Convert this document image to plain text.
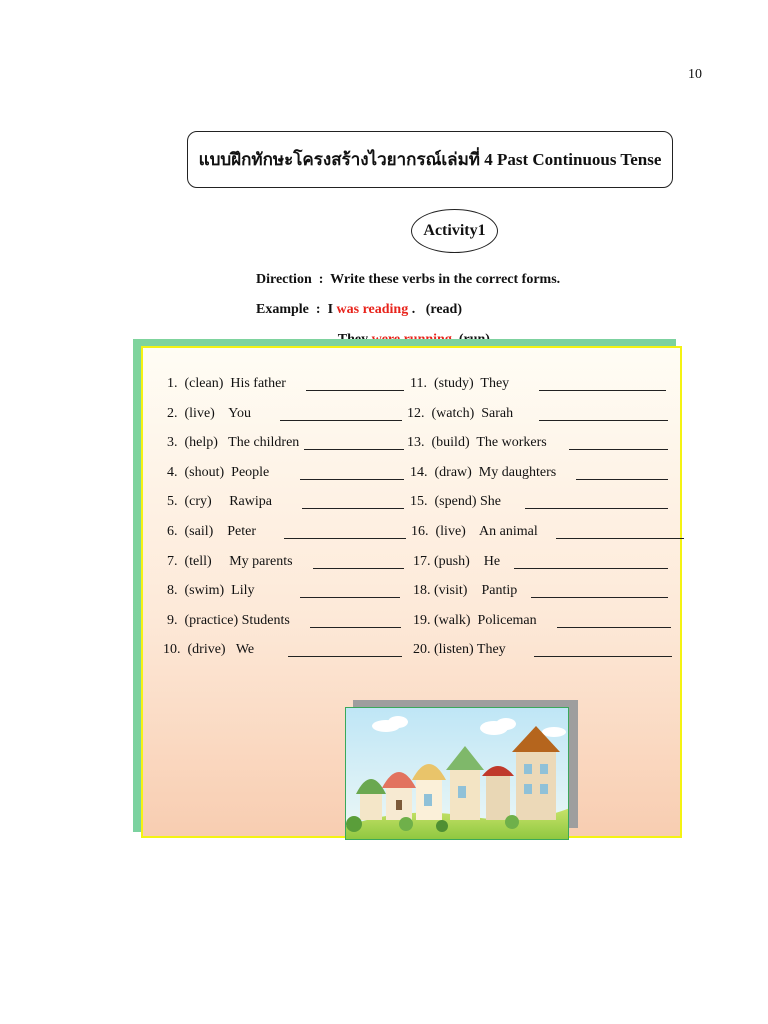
10
แบบฝึกทักษะโครงสร้างไวยากรณ์เล่มที่ 4 Past Continuous Tense
Activity1

Direction  : Write these verbs in the correct forms.

Example  : I was reading .   (read)

1.  (clean)  His father
2.  (live)    You
3.  (help)   The children
4.  (shout)  People
5.  (cry)     Rawipa
6.  (sail)    Peter
7.  (tell)     My parents
8.  (swim)  Lily
9.  (practice) Students
10.  (drive)   We
11.  (study)  They
12.  (watch)  Sarah
13.  (build)  The workers
14.  (draw)  My daughters
15.  (spend) She
16.  (live)    An animal
17. (push)    He
18. (visit)    Pantip
19. (walk)  Policeman
20. (listen) They
